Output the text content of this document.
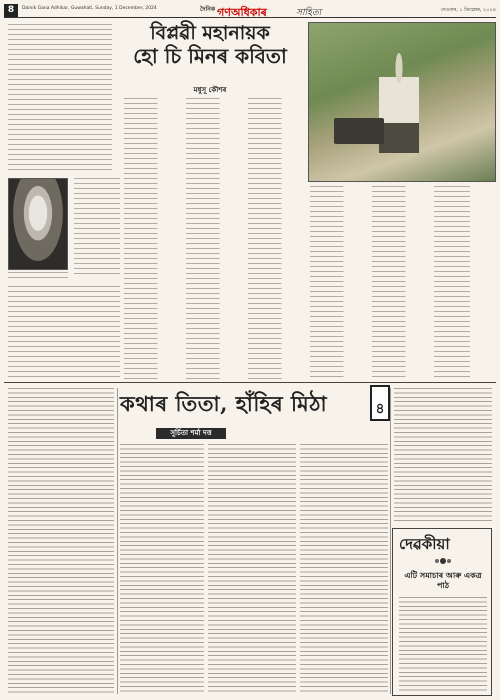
8	Dainik Gana Adhikar, Guwahati, Sunday, 1 December, 2024	$^{দৈনিক}$ গণঅধিকাৰ	সাহিত্য	দেওবাৰ, ১ ডিচেম্বৰ, ২০২৪
বিপ্লৱী মহানায়ক
হো চি মিনৰ কবিতা
মধুসূ কৌশৰ
কথাৰ তিতা, হাঁহিৰ মিঠা	৪
সুৰ্চিতা শৰ্মা দত্ত
দেৱকীয়া
এটি সমাচাৰ আৰু একত্ৰ পাঠ
